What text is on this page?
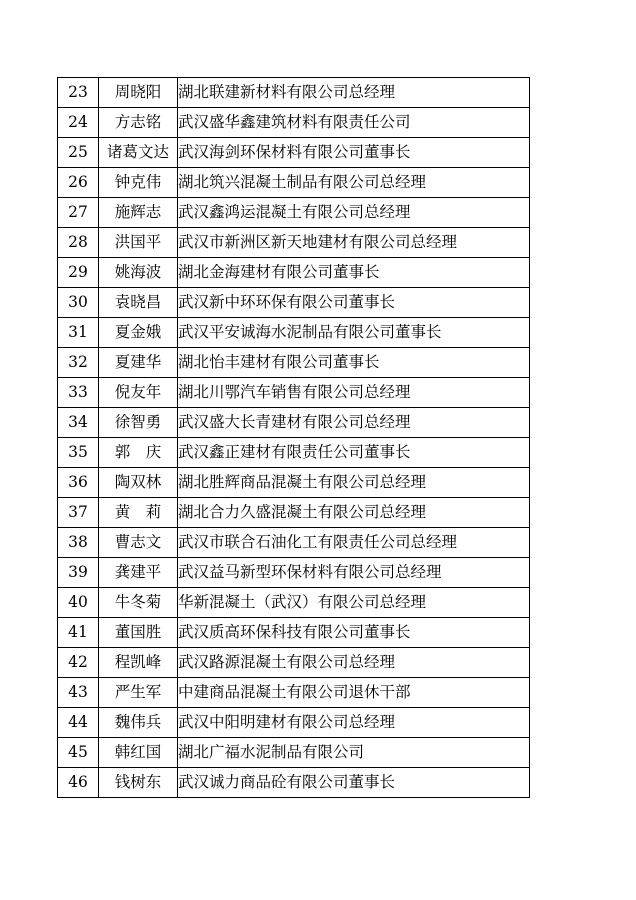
23	周晓阳	湖北联建新材料有限公司总经理
24	方志铭	武汉盛华鑫建筑材料有限责任公司
25	诸葛文达	武汉海剑环保材料有限公司董事长
26	钟克伟	湖北筑兴混凝土制品有限公司总经理
27	施辉志	武汉鑫鸿运混凝土有限公司总经理
28	洪国平	武汉市新洲区新天地建材有限公司总经理
29	姚海波	湖北金海建材有限公司董事长
30	袁晓昌	武汉新中环环保有限公司董事长
31	夏金娥	武汉平安诚海水泥制品有限公司董事长
32	夏建华	湖北怡丰建材有限公司董事长
33	倪友年	湖北川鄂汽车销售有限公司总经理
34	徐智勇	武汉盛大长青建材有限公司总经理
35	郭　庆	武汉鑫正建材有限责任公司董事长
36	陶双林	湖北胜辉商品混凝土有限公司总经理
37	黄　莉	湖北合力久盛混凝土有限公司总经理
38	曹志文	武汉市联合石油化工有限责任公司总经理
39	龚建平	武汉益马新型环保材料有限公司总经理
40	牛冬菊	华新混凝土（武汉）有限公司总经理
41	董国胜	武汉质高环保科技有限公司董事长
42	程凯峰	武汉路源混凝土有限公司总经理
43	严生军	中建商品混凝土有限公司退休干部
44	魏伟兵	武汉中阳明建材有限公司总经理
45	韩红国	湖北广福水泥制品有限公司
46	钱树东	武汉诚力商品砼有限公司董事长
